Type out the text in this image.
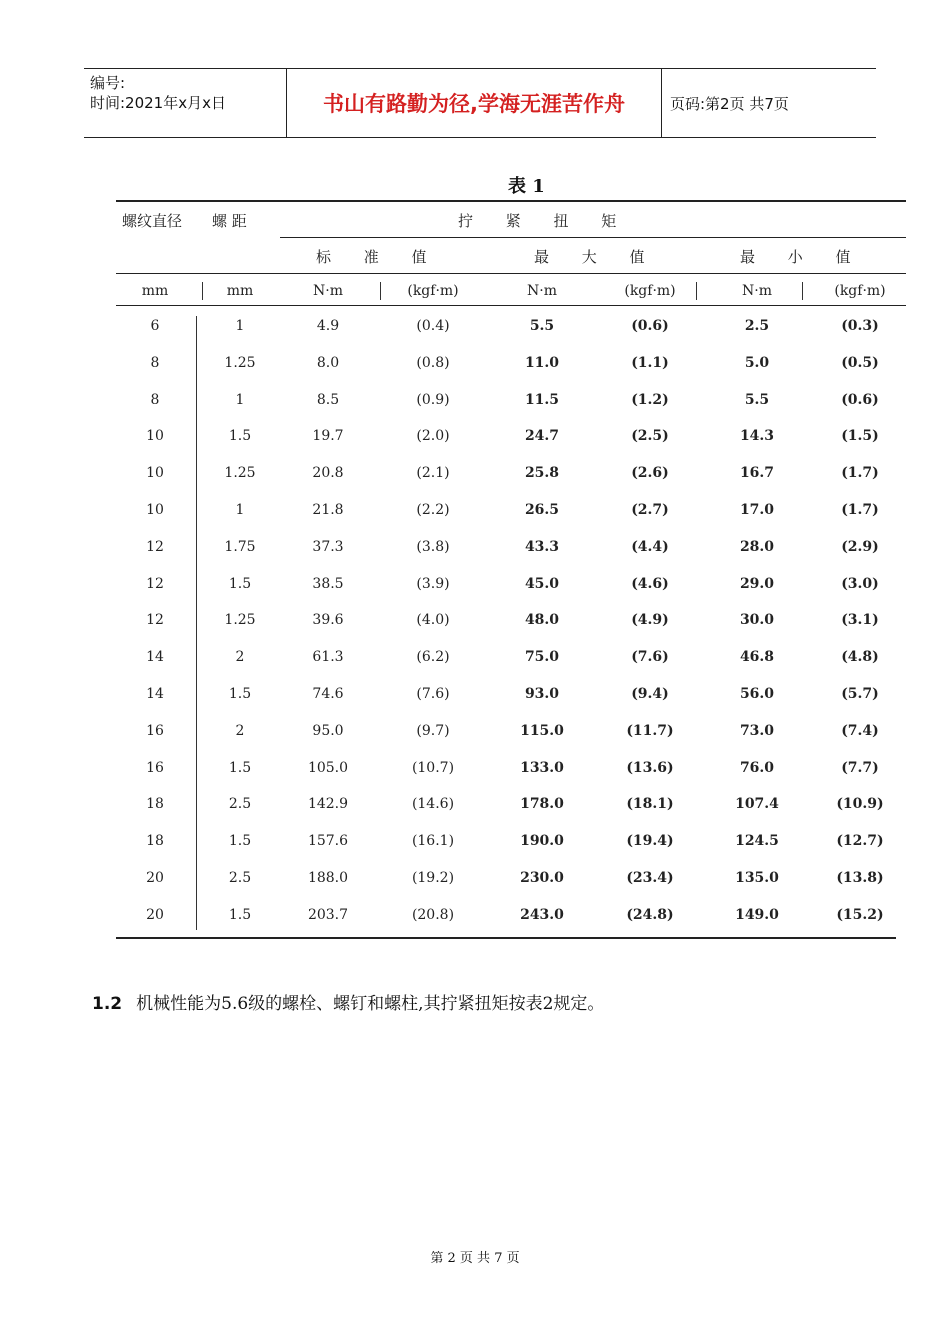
编号:
时间:2021年x月x日	书山有路勤为径,学海无涯苦作舟	页码:第2页 共7页
表 1
螺纹直径 螺 距	拧 紧 扭 矩
标 准 值	最 大 值	最 小 值
mm	mm	N·m	(kgf·m)	N·m	(kgf·m)	N·m	(kgf·m)
6	1	4.9	(0.4)	5.5	(0.6)	2.5	(0.3)
8	1.25	8.0	(0.8)	11.0	(1.1)	5.0	(0.5)
8	1	8.5	(0.9)	11.5	(1.2)	5.5	(0.6)
10	1.5	19.7	(2.0)	24.7	(2.5)	14.3	(1.5)
10	1.25	20.8	(2.1)	25.8	(2.6)	16.7	(1.7)
10	1	21.8	(2.2)	26.5	(2.7)	17.0	(1.7)
12	1.75	37.3	(3.8)	43.3	(4.4)	28.0	(2.9)
12	1.5	38.5	(3.9)	45.0	(4.6)	29.0	(3.0)
12	1.25	39.6	(4.0)	48.0	(4.9)	30.0	(3.1)
14	2	61.3	(6.2)	75.0	(7.6)	46.8	(4.8)
14	1.5	74.6	(7.6)	93.0	(9.4)	56.0	(5.7)
16	2	95.0	(9.7)	115.0	(11.7)	73.0	(7.4)
16	1.5	105.0	(10.7)	133.0	(13.6)	76.0	(7.7)
18	2.5	142.9	(14.6)	178.0	(18.1)	107.4	(10.9)
18	1.5	157.6	(16.1)	190.0	(19.4)	124.5	(12.7)
20	2.5	188.0	(19.2)	230.0	(23.4)	135.0	(13.8)
20	1.5	203.7	(20.8)	243.0	(24.8)	149.0	(15.2)
1.2 机械性能为5.6级的螺栓、螺钉和螺柱,其拧紧扭矩按表2规定。
第 2 页 共 7 页
